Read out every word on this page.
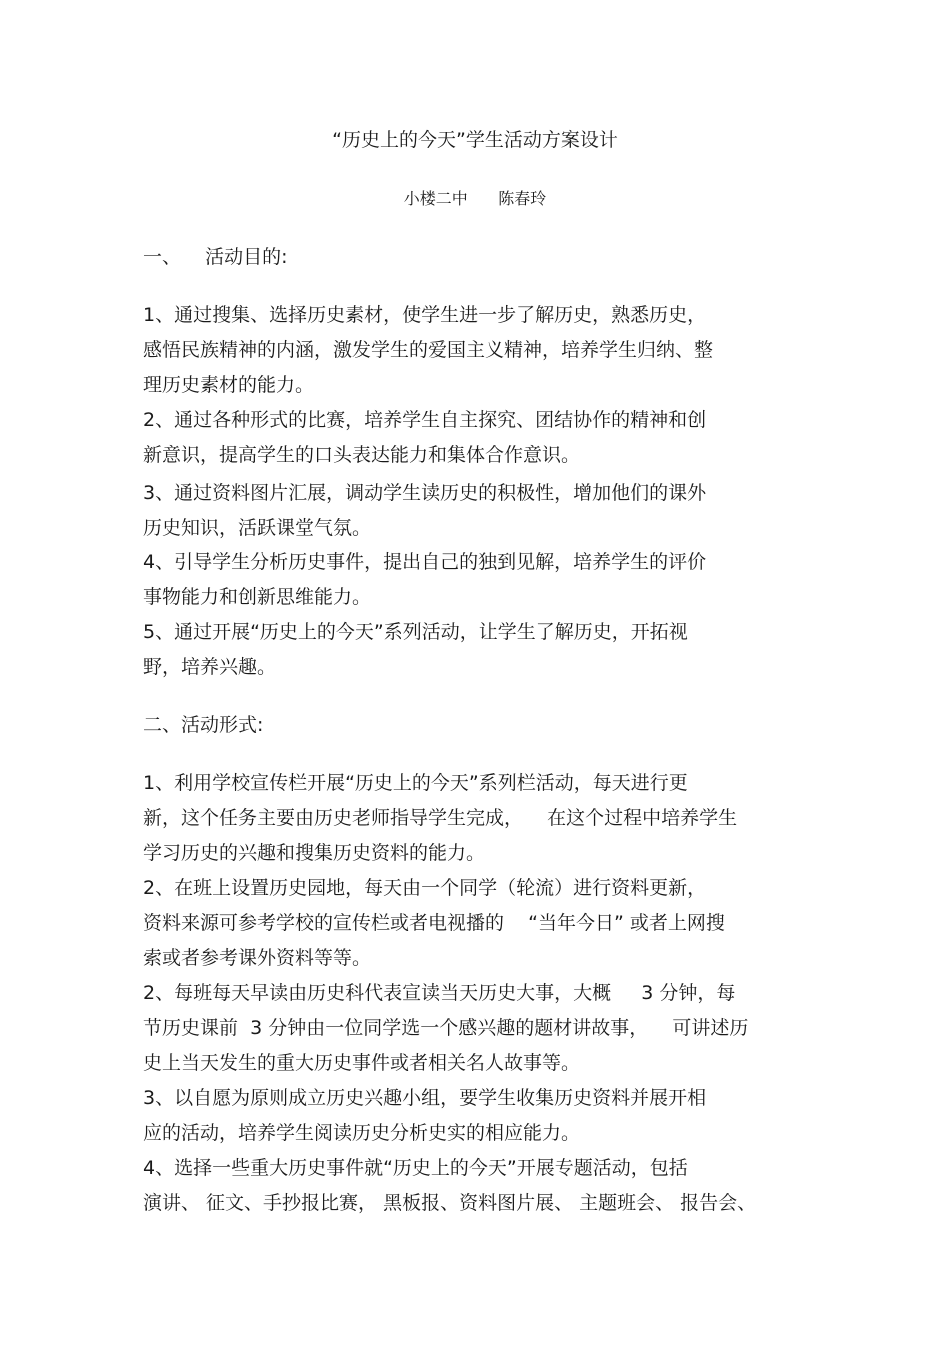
“历史上的今天”学生活动方案设计
小楼二中      陈春玲
一、    活动目的:
1、通过搜集、选择历史素材，使学生进一步了解历史，熟悉历史，
感悟民族精神的内涵，激发学生的爱国主义精神，培养学生归纳、整
理历史素材的能力。
2、通过各种形式的比赛，培养学生自主探究、团结协作的精神和创
新意识，提高学生的口头表达能力和集体合作意识。
3、通过资料图片汇展，调动学生读历史的积极性，增加他们的课外
历史知识，活跃课堂气氛。
4、引导学生分析历史事件，提出自己的独到见解，培养学生的评价
事物能力和创新思维能力。
5、通过开展“历史上的今天”系列活动，让学生了解历史，开拓视
野，培养兴趣。
二、活动形式:
1、利用学校宣传栏开展“历史上的今天”系列栏活动，每天进行更
新，这个任务主要由历史老师指导学生完成，    在这个过程中培养学生
学习历史的兴趣和搜集历史资料的能力。
2、在班上设置历史园地，每天由一个同学（轮流）进行资料更新，
资料来源可参考学校的宣传栏或者电视播的    “当年今日” 或者上网搜
索或者参考课外资料等等。
2、每班每天早读由历史科代表宣读当天历史大事，大概     3 分钟，每
节历史课前  3 分钟由一位同学选一个感兴趣的题材讲故事，    可讲述历
史上当天发生的重大历史事件或者相关名人故事等。
3、以自愿为原则成立历史兴趣小组，要学生收集历史资料并展开相
应的活动，培养学生阅读历史分析史实的相应能力。
4、选择一些重大历史事件就“历史上的今天”开展专题活动，包括
演讲、 征文、手抄报比赛， 黑板报、资料图片展、 主题班会、 报告会、
